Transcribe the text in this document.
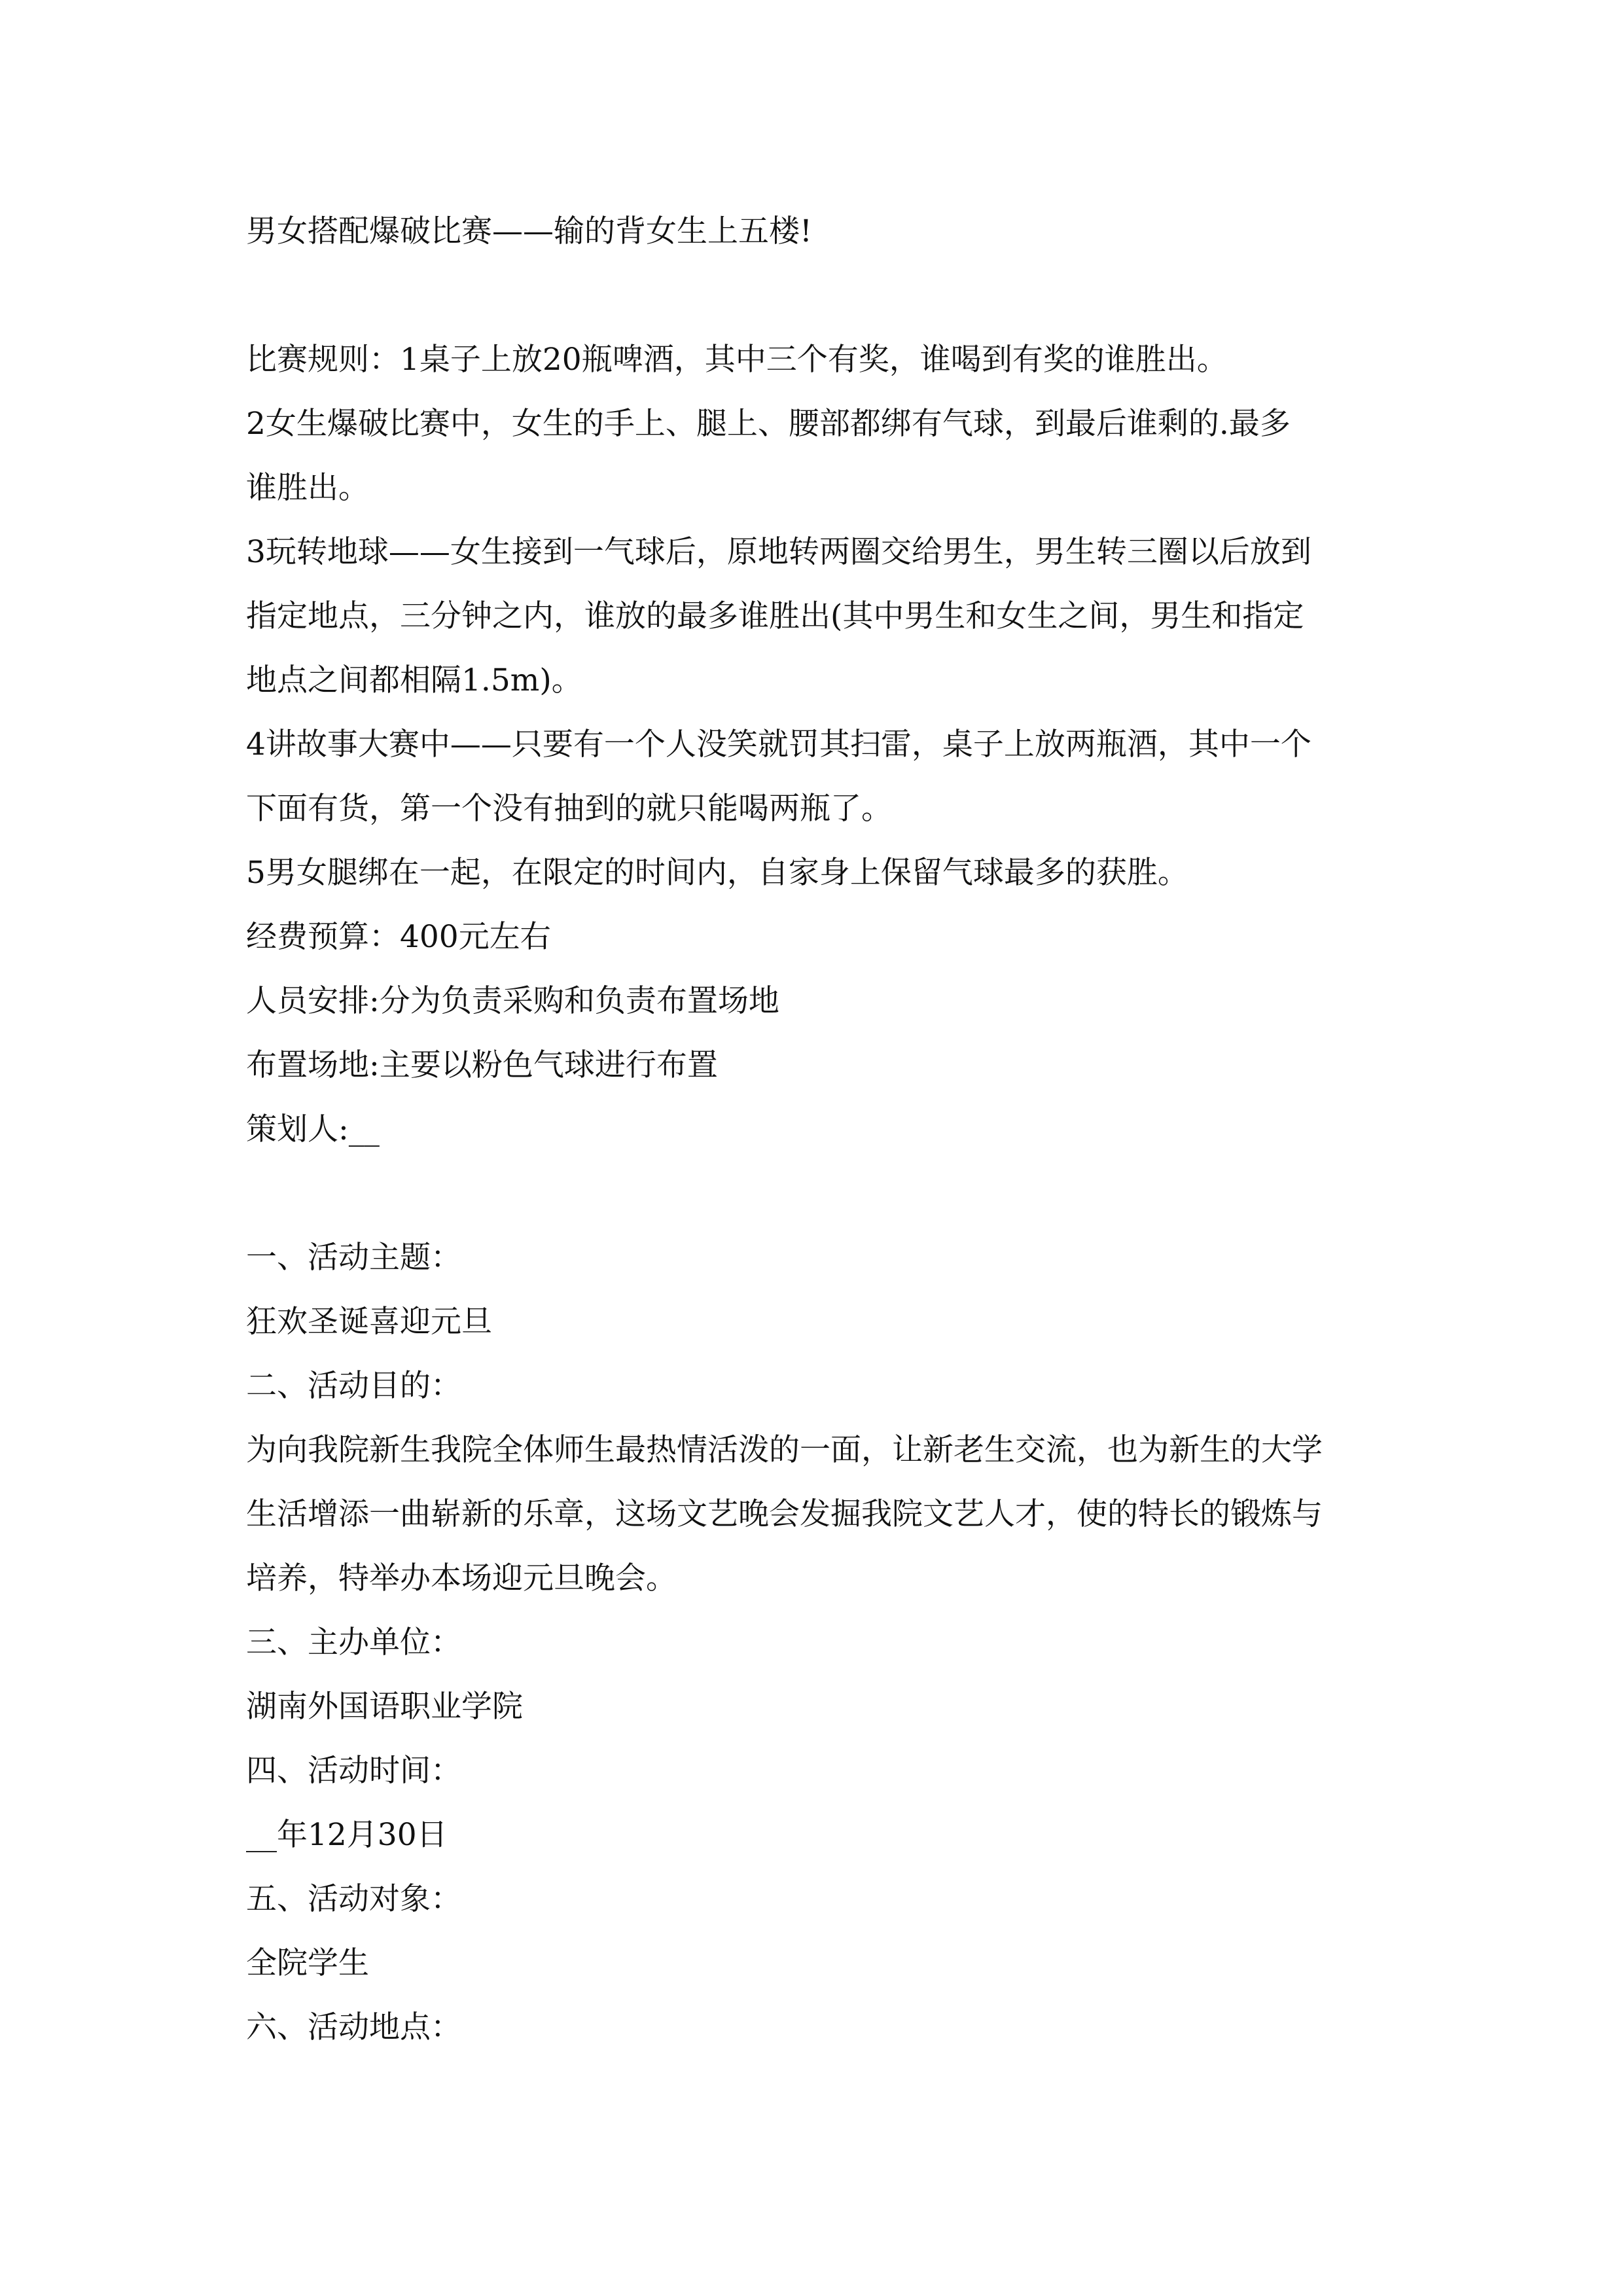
男女搭配爆破比赛——输的背女生上五楼!
比赛规则：1桌子上放20瓶啤酒，其中三个有奖，谁喝到有奖的谁胜出。
2女生爆破比赛中，女生的手上、腿上、腰部都绑有气球，到最后谁剩的.最多
谁胜出。
3玩转地球——女生接到一气球后，原地转两圈交给男生，男生转三圈以后放到
指定地点，三分钟之内，谁放的最多谁胜出(其中男生和女生之间，男生和指定
地点之间都相隔1.5m)。
4讲故事大赛中——只要有一个人没笑就罚其扫雷，桌子上放两瓶酒，其中一个
下面有货，第一个没有抽到的就只能喝两瓶了。
5男女腿绑在一起，在限定的时间内，自家身上保留气球最多的获胜。
经费预算：400元左右
人员安排:分为负责采购和负责布置场地
布置场地:主要以粉色气球进行布置
策划人:__
一、活动主题：
狂欢圣诞喜迎元旦
二、活动目的：
为向我院新生我院全体师生最热情活泼的一面，让新老生交流，也为新生的大学
生活增添一曲崭新的乐章，这场文艺晚会发掘我院文艺人才，使的特长的锻炼与
培养，特举办本场迎元旦晚会。
三、主办单位：
湖南外国语职业学院
四、活动时间：
__年12月30日
五、活动对象：
全院学生
六、活动地点：
